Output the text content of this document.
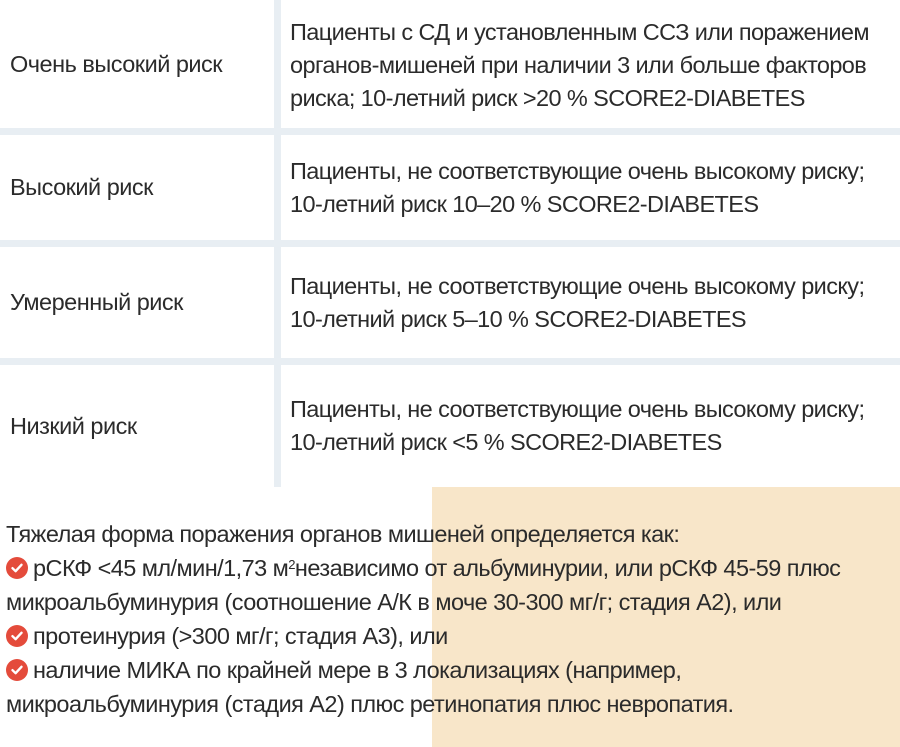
Очень высокий риск
Пациенты с СД и установленным ССЗ или поражением
органов-мишеней при наличии 3 или больше факторов
риска; 10-летний риск >20 % SCORE2-DIABETES
Высокий риск
Пациенты, не соответствующие очень высокому риску;
10-летний риск 10–20 % SCORE2-DIABETES
Умеренный риск
Пациенты, не соответствующие очень высокому риску;
10-летний риск 5–10 % SCORE2-DIABETES
Низкий риск
Пациенты, не соответствующие очень высокому риску;
10-летний риск <5 % SCORE2-DIABETES
Тяжелая форма поражения органов мишеней определяется как:
рСКФ <45 мл/мин/1,73 $м^2$ независимо от альбуминурии, или рСКФ 45-59 плюс
микроальбуминурия (соотношение А/К в моче 30-300 мг/г; стадия А2), или
протеинурия (>300 мг/г; стадия А3), или
наличие МИКА по крайней мере в 3 локализациях (например,
микроальбуминурия (стадия А2) плюс ретинопатия плюс невропатия.
